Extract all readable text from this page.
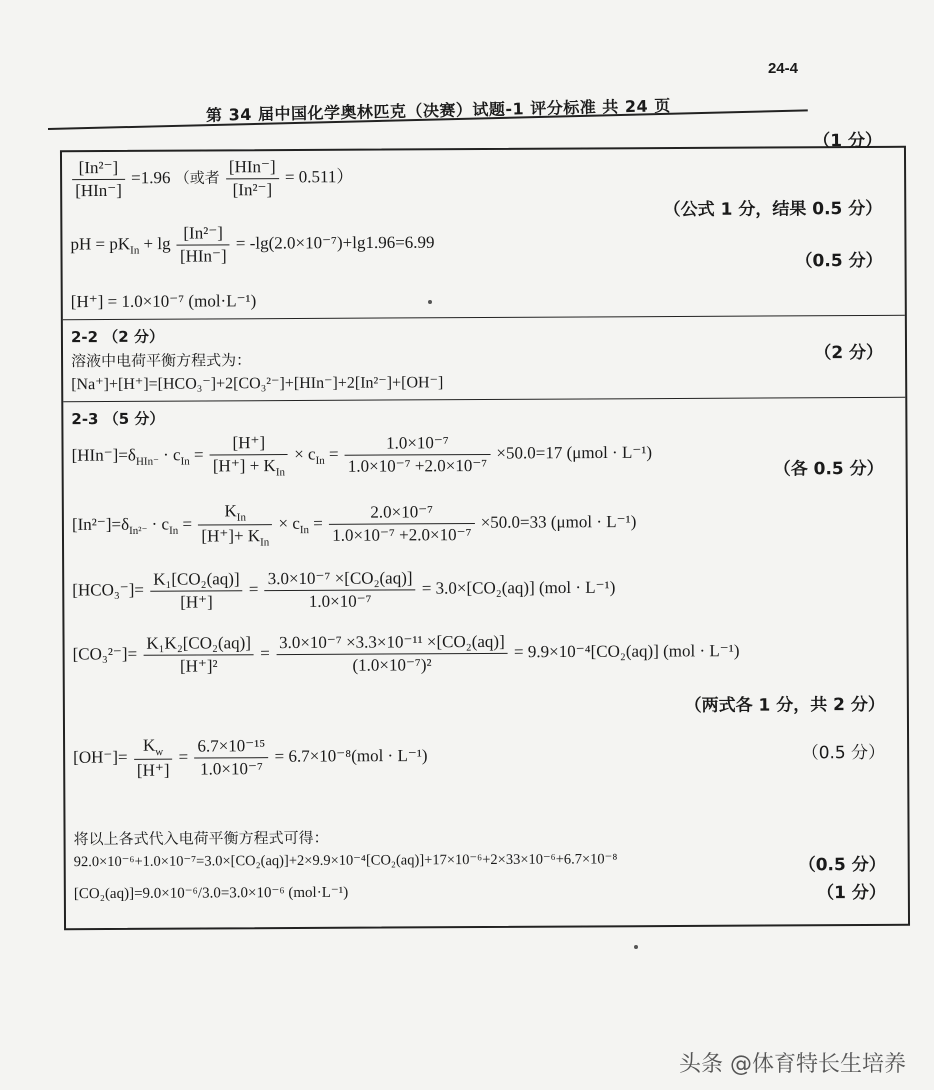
24-4
第 34 届中国化学奥林匹克（决赛）试题-1 评分标准 共 24 页
（1 分）
$\frac{\text{[In²⁻]}}{\text{[HIn⁻]}} =1.96$ （或者 $\frac{\text{[HIn⁻]}}{\text{[In²⁻]}} = 0.511$）
（公式 1 分，结果 0.5 分）
pH = $pK_{In} + \lg \frac{\text{[In²⁻]}}{\text{[HIn⁻]}} = -\lg(2.0\times 10^{-7})+\lg 1.96=6.99$
（0.5 分）
[H⁺] = 1.0×10⁻⁷ (mol·L⁻¹)
2-2 （2 分）
溶液中电荷平衡方程式为：	（2 分）
[Na⁺]+[H⁺]=[HCO₃⁻]+2[CO₃²⁻]+[HIn⁻]+2[In²⁻]+[OH⁻]
2-3 （5 分）
$[HIn^-]=\delta_{HIn^-} \cdot c_{In} = \frac{[H^+]}{[H^+] + K_{In}} \times c_{In} = \frac{\text{1.0×10⁻⁷}}{\text{1.0×10⁻⁷ +2.0×10⁻⁷}} \times 50.0=17$ (μmol · L⁻¹)
（各 0.5 分）
$[In^{2-}]=\delta_{In^{2-}} \cdot c_{In} = \frac{K_{In}}{[H^+]+ K_{In}} \times c_{In} = \frac{\text{2.0×10⁻⁷}}{\text{1.0×10⁻⁷ +2.0×10⁻⁷}} \times 50.0=33$ (μmol · L⁻¹)
$[HCO_3^-]= \frac{\text{K₁[CO₂(aq)]}}{[H^+]} = \frac{\text{3.0×10⁻⁷ ×[CO₂(aq)]}}{\text{1.0×10⁻⁷}} = 3.0\times[CO_2(aq)] (mol \cdot L^{-1})$
$[CO_3^{2-}]= \frac{\text{K₁K₂[CO₂(aq)]}}{\text{[H⁺]²}} = \frac{\text{3.0×10⁻⁷ ×3.3×10⁻¹¹ ×[CO₂(aq)]}}{\text{(1.0×10⁻⁷)²}} = 9.9\times 10^{-4}[CO_2(aq)] (mol \cdot L^{-1})$
（两式各 1 分，共 2 分）
$[OH^-]= \frac{K_w}{[H^+]} = \frac{\text{6.7×10⁻¹⁵}}{\text{1.0×10⁻⁷}} = 6.7\times 10^{-8}(mol \cdot L^{-1})$	（0.5 分）
将以上各式代入电荷平衡方程式可得：
92.0×10⁻⁶+1.0×10⁻⁷=3.0×[CO₂(aq)]+2×9.9×10⁻⁴[CO₂(aq)]+17×10⁻⁶+2×33×10⁻⁶+6.7×10⁻⁸	（0.5 分）
[CO₂(aq)]=9.0×10⁻⁶/3.0=3.0×10⁻⁶ (mol·L⁻¹)	（1 分）
头条 @体育特长生培养
